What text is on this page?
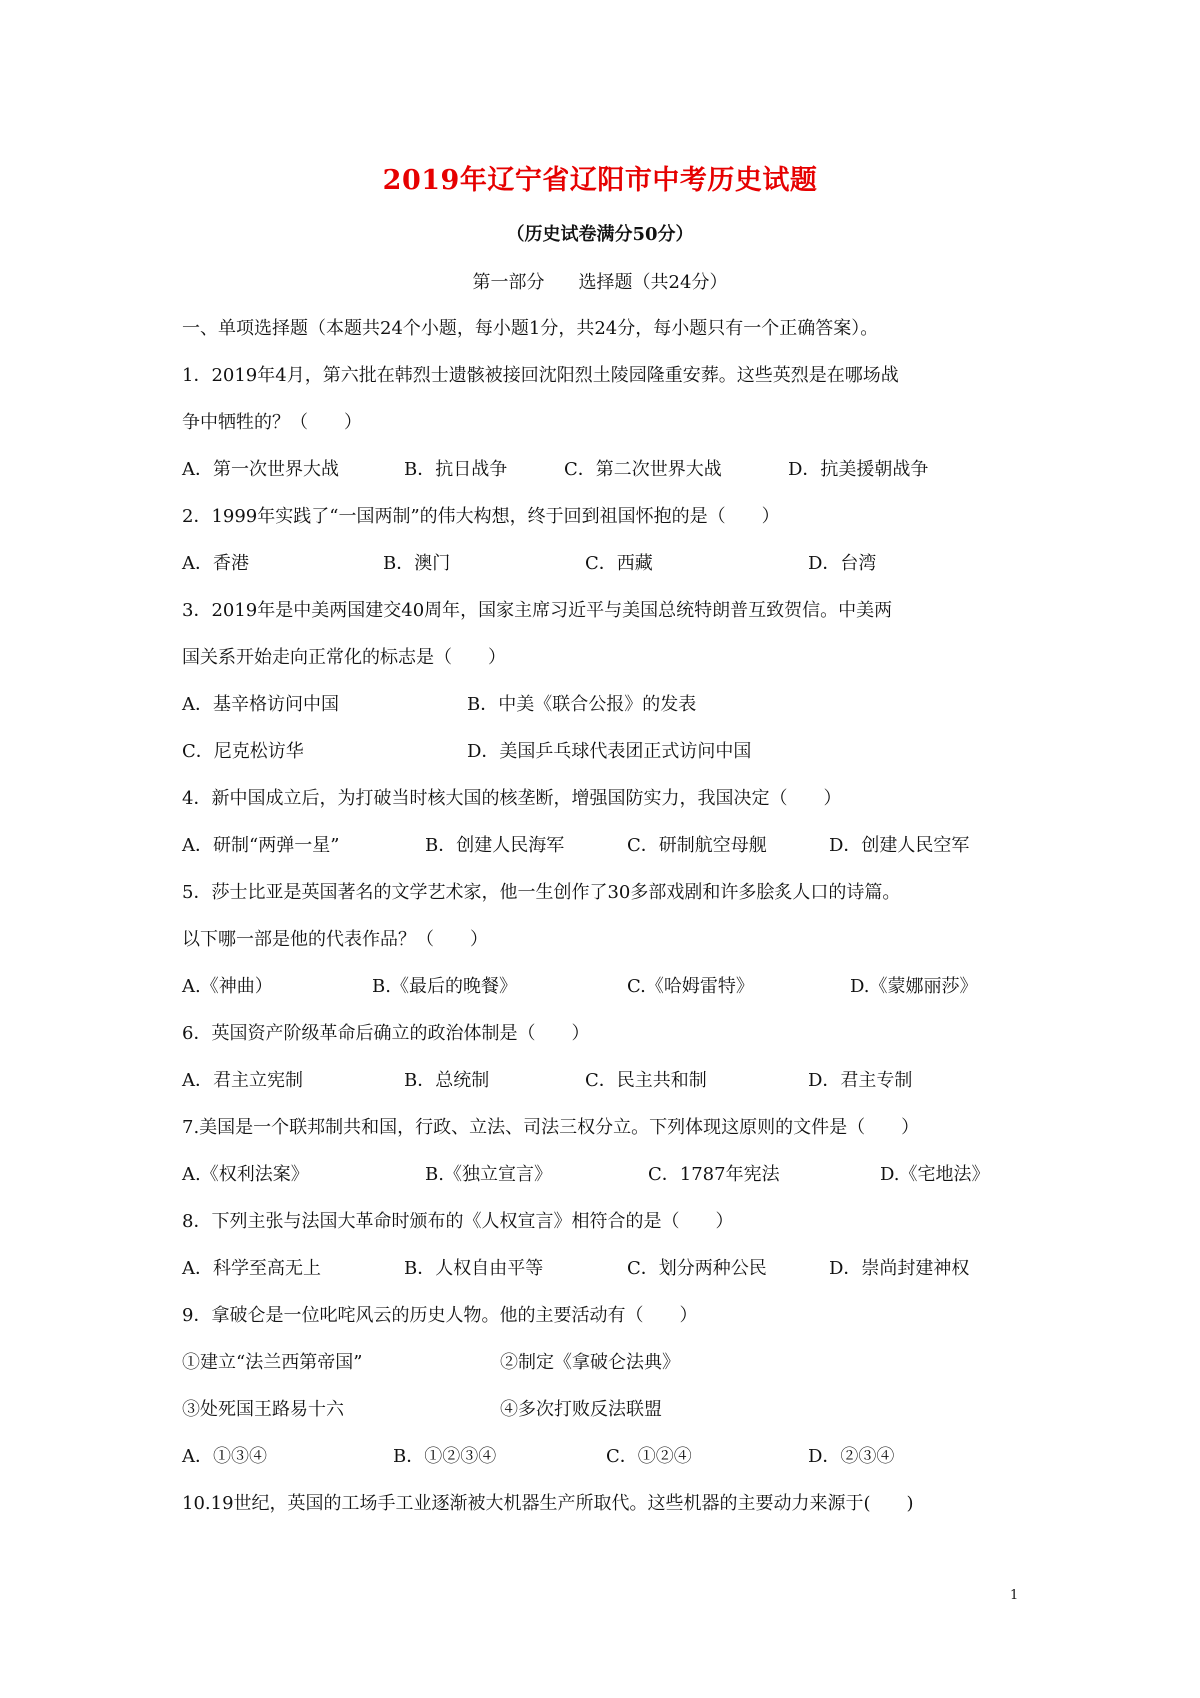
2019年辽宁省辽阳市中考历史试题
（历史试卷满分50分）
第一部分 选择题（共24分）
一、单项选择题（本题共24个小题，每小题1分，共24分，每小题只有一个正确答案）。
1．2019年4月，第六批在韩烈士遗骸被接回沈阳烈土陵园隆重安葬。这些英烈是在哪场战
争中牺牲的？（　　）
A．第一次世界大战	B．抗日战争	C．第二次世界大战	D．抗美援朝战争
2．1999年实践了“一国两制”的伟大构想，终于回到祖国怀抱的是（　　）
A．香港	B．澳门	C．西藏	D．台湾
3．2019年是中美两国建交40周年，国家主席习近平与美国总统特朗普互致贺信。中美两
国关系开始走向正常化的标志是（　　）
A．基辛格访问中国	B．中美《联合公报》的发表
C．尼克松访华	D．美国乒乓球代表团正式访问中国
4．新中国成立后，为打破当时核大国的核垄断，增强国防实力，我国决定（　　）
A．研制“两弹一星”	B．创建人民海军	C．研制航空母舰	D．创建人民空军
5．莎士比亚是英国著名的文学艺术家，他一生创作了30多部戏剧和许多脍炙人口的诗篇。
以下哪一部是他的代表作品？（　　）
A.《神曲）	B.《最后的晚餐》	C.《哈姆雷特》	D.《蒙娜丽莎》
6．英国资产阶级革命后确立的政治体制是（　　）
A．君主立宪制	B．总统制	C．民主共和制	D．君主专制
7.美国是一个联邦制共和国，行政、立法、司法三权分立。下列体现这原则的文件是（　　）
A.《权利法案》	B.《独立宣言》	C．1787年宪法	D.《宅地法》
8．下列主张与法国大革命时颁布的《人权宣言》相符合的是（　　）
A．科学至高无上	B．人权自由平等	C．划分两种公民	D．崇尚封建神权
9．拿破仑是一位叱咤风云的历史人物。他的主要活动有（　　）
①建立“法兰西第帝国”	②制定《拿破仑法典》
③处死国王路易十六	④多次打败反法联盟
A．①③④	B．①②③④	C．①②④	D．②③④
10.19世纪，英国的工场手工业逐渐被大机器生产所取代。这些机器的主要动力来源于(　　)
1
